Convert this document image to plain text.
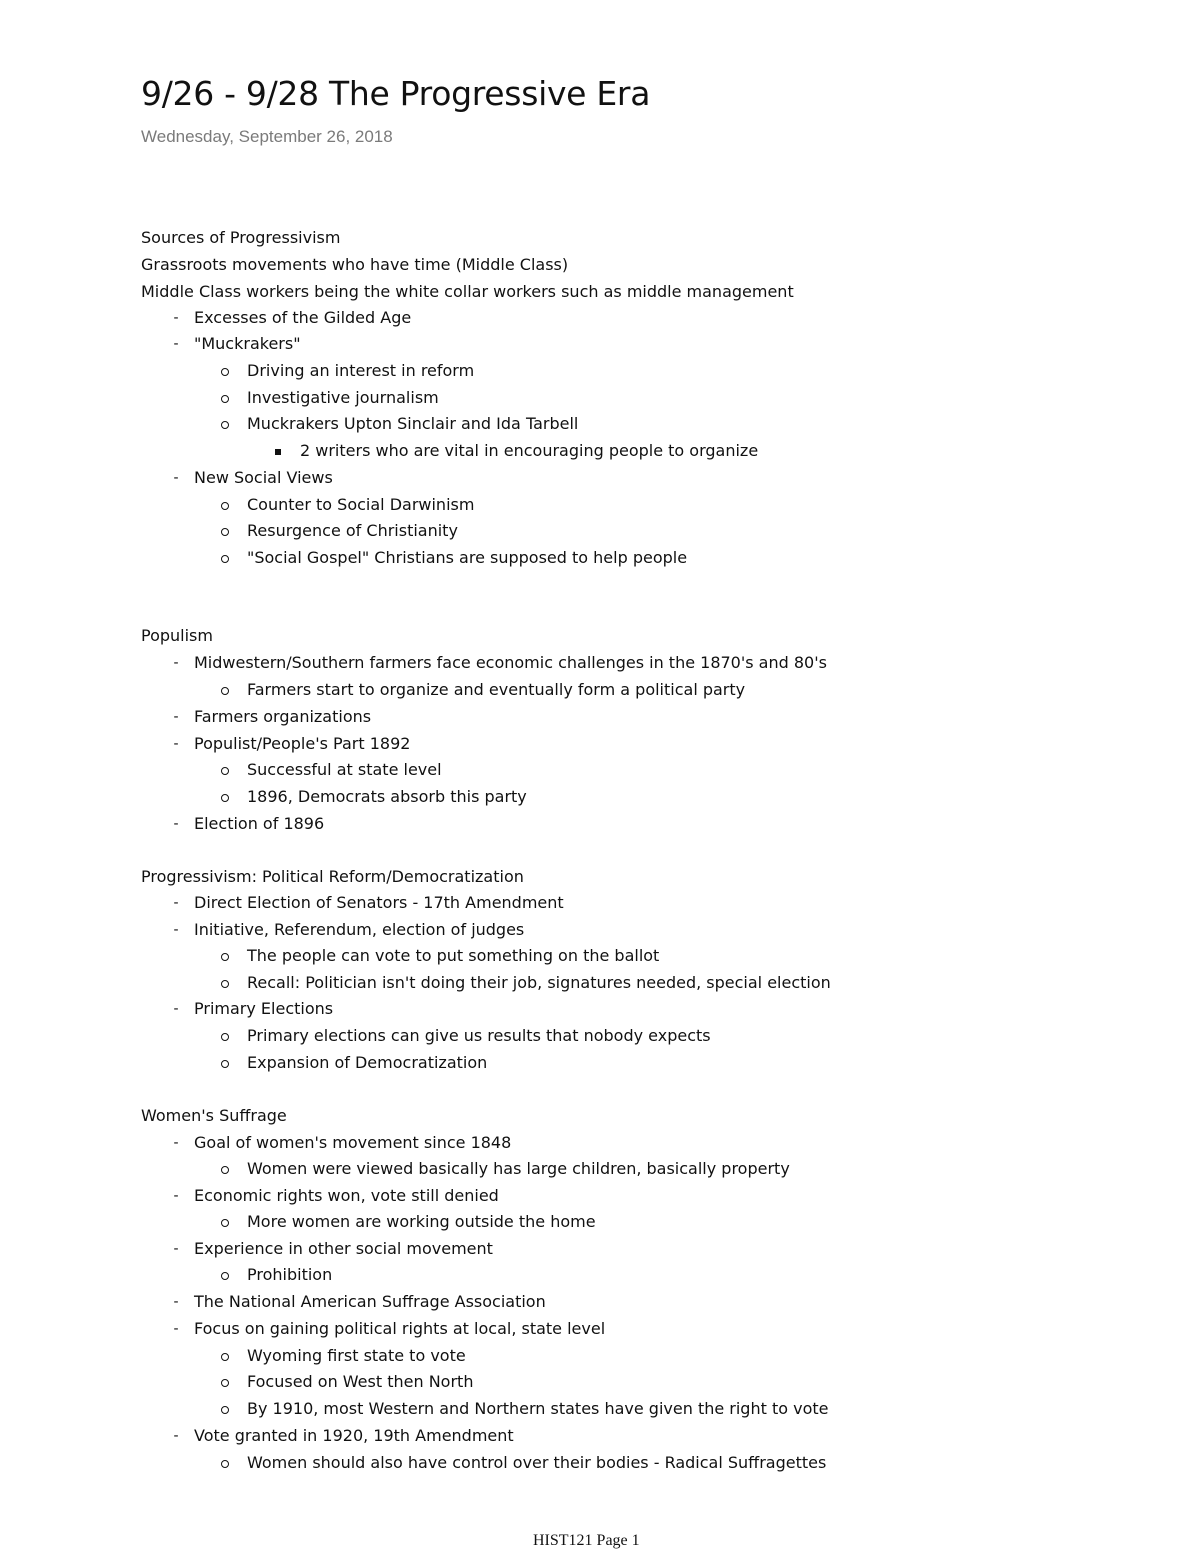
9/26 - 9/28 The Progressive Era
Wednesday, September 26, 2018
Sources of Progressivism
Grassroots movements who have time (Middle Class)
Middle Class workers being the white collar workers such as middle management
- Excesses of the Gilded Age
- "Muckrakers"
Driving an interest in reform
Investigative journalism
Muckrakers Upton Sinclair and Ida Tarbell
2 writers who are vital in encouraging people to organize
- New Social Views
Counter to Social Darwinism
Resurgence of Christianity
"Social Gospel" Christians are supposed to help people
Populism
- Midwestern/Southern farmers face economic challenges in the 1870's and 80's
Farmers start to organize and eventually form a political party
- Farmers organizations
- Populist/People's Part 1892
Successful at state level
1896, Democrats absorb this party
- Election of 1896
Progressivism: Political Reform/Democratization
- Direct Election of Senators - 17th Amendment
- Initiative, Referendum, election of judges
The people can vote to put something on the ballot
Recall: Politician isn't doing their job, signatures needed, special election
- Primary Elections
Primary elections can give us results that nobody expects
Expansion of Democratization
Women's Suffrage
- Goal of women's movement since 1848
Women were viewed basically has large children, basically property
- Economic rights won, vote still denied
More women are working outside the home
- Experience in other social movement
Prohibition
- The National American Suffrage Association
- Focus on gaining political rights at local, state level
Wyoming first state to vote
Focused on West then North
By 1910, most Western and Northern states have given the right to vote
- Vote granted in 1920, 19th Amendment
Women should also have control over their bodies - Radical Suffragettes
HIST121 Page 1
